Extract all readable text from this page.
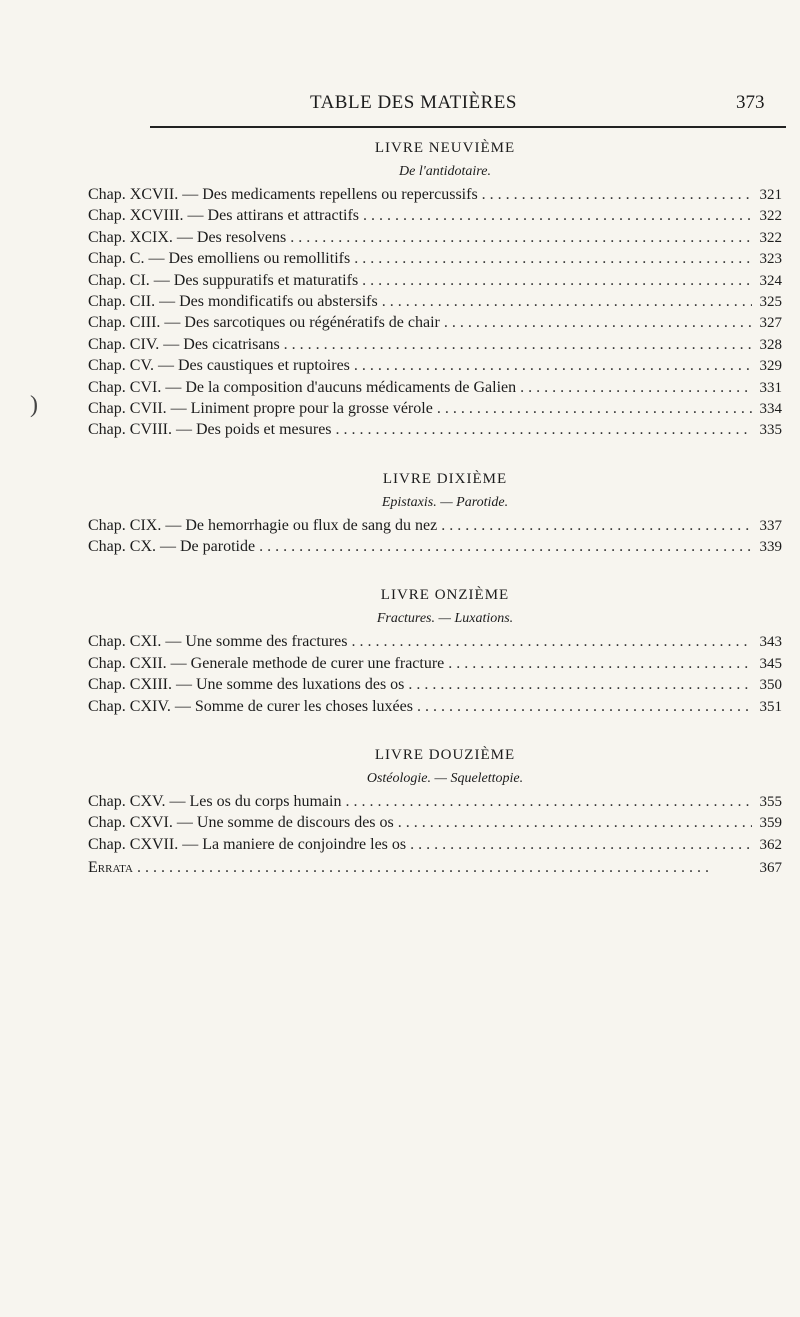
TABLE DES MATIÈRES	373
)
LIVRE NEUVIÈME
De l'antidotaire.
Chap. XCVII. — Des medicaments repellens ou repercussifs . . .	321
Chap. XCVIII. — Des attirans et attractifs . . .	322
Chap. XCIX. — Des resolvens . . .	322
Chap. C. — Des emolliens ou remollitifs . . .	323
Chap. CI. — Des suppuratifs et maturatifs . . .	324
Chap. CII. — Des mondificatifs ou abstersifs . . .	325
Chap. CIII. — Des sarcotiques ou régénératifs de chair . . .	327
Chap. CIV. — Des cicatrisans . . .	328
Chap. CV. — Des caustiques et ruptoires . . .	329
Chap. CVI. — De la composition d'aucuns médicaments de Galien . . .	331
Chap. CVII. — Liniment propre pour la grosse vérole . . .	334
Chap. CVIII. — Des poids et mesures . . .	335
LIVRE DIXIÈME
Epistaxis. — Parotide.
Chap. CIX. — De hemorrhagie ou flux de sang du nez . . .	337
Chap. CX. — De parotide . . .	339
LIVRE ONZIÈME
Fractures. — Luxations.
Chap. CXI. — Une somme des fractures . . .	343
Chap. CXII. — Generale methode de curer une fracture . . .	345
Chap. CXIII. — Une somme des luxations des os . . .	350
Chap. CXIV. — Somme de curer les choses luxées . . .	351
LIVRE DOUZIÈME
Ostéologie. — Squelettopie.
Chap. CXV. — Les os du corps humain . . .	355
Chap. CXVI. — Une somme de discours des os . . .	359
Chap. CXVII. — La maniere de conjoindre les os . . .	362
Errata . . .	367
